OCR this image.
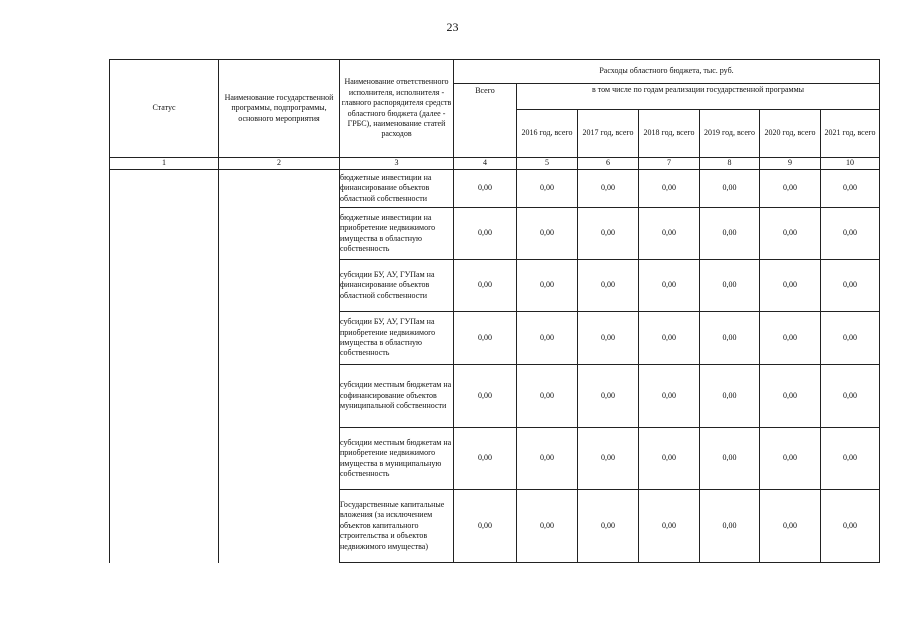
23
Статус	Наименование государственной программы, подпрограммы, основного мероприятия	Наименование ответственного исполнителя, исполнителя - главного распорядителя средств областного бюджета (далее - ГРБС), наименование статей расходов	Расходы областного бюджета, тыс. руб.						
			Всего	в том числе по годам реализации государственной программы					
				2016 год, всего	2017 год, всего	2018 год, всего	2019 год, всего	2020 год, всего	2021 год, всего
1	2	3	4	5	6	7	8	9	10
		бюджетные инвестиции на финансирование объектов областной собственности	0,00	0,00	0,00	0,00	0,00	0,00	0,00
		бюджетные инвестиции на приобретение недвижимого имущества в областную собственность	0,00	0,00	0,00	0,00	0,00	0,00	0,00
		субсидии БУ, АУ, ГУПам на финансирование объектов областной собственности	0,00	0,00	0,00	0,00	0,00	0,00	0,00
		субсидии БУ, АУ, ГУПам на приобретение недвижимого имущества в областную собственность	0,00	0,00	0,00	0,00	0,00	0,00	0,00
		субсидии местным бюджетам на софинансирование объектов муниципальной собственности	0,00	0,00	0,00	0,00	0,00	0,00	0,00
		субсидии местным бюджетам на приобретение недвижимого имущества в муниципальную собственность	0,00	0,00	0,00	0,00	0,00	0,00	0,00
		Государственные капитальные вложения (за исключением объектов капитального строительства и объектов недвижимого имущества)	0,00	0,00	0,00	0,00	0,00	0,00	0,00
